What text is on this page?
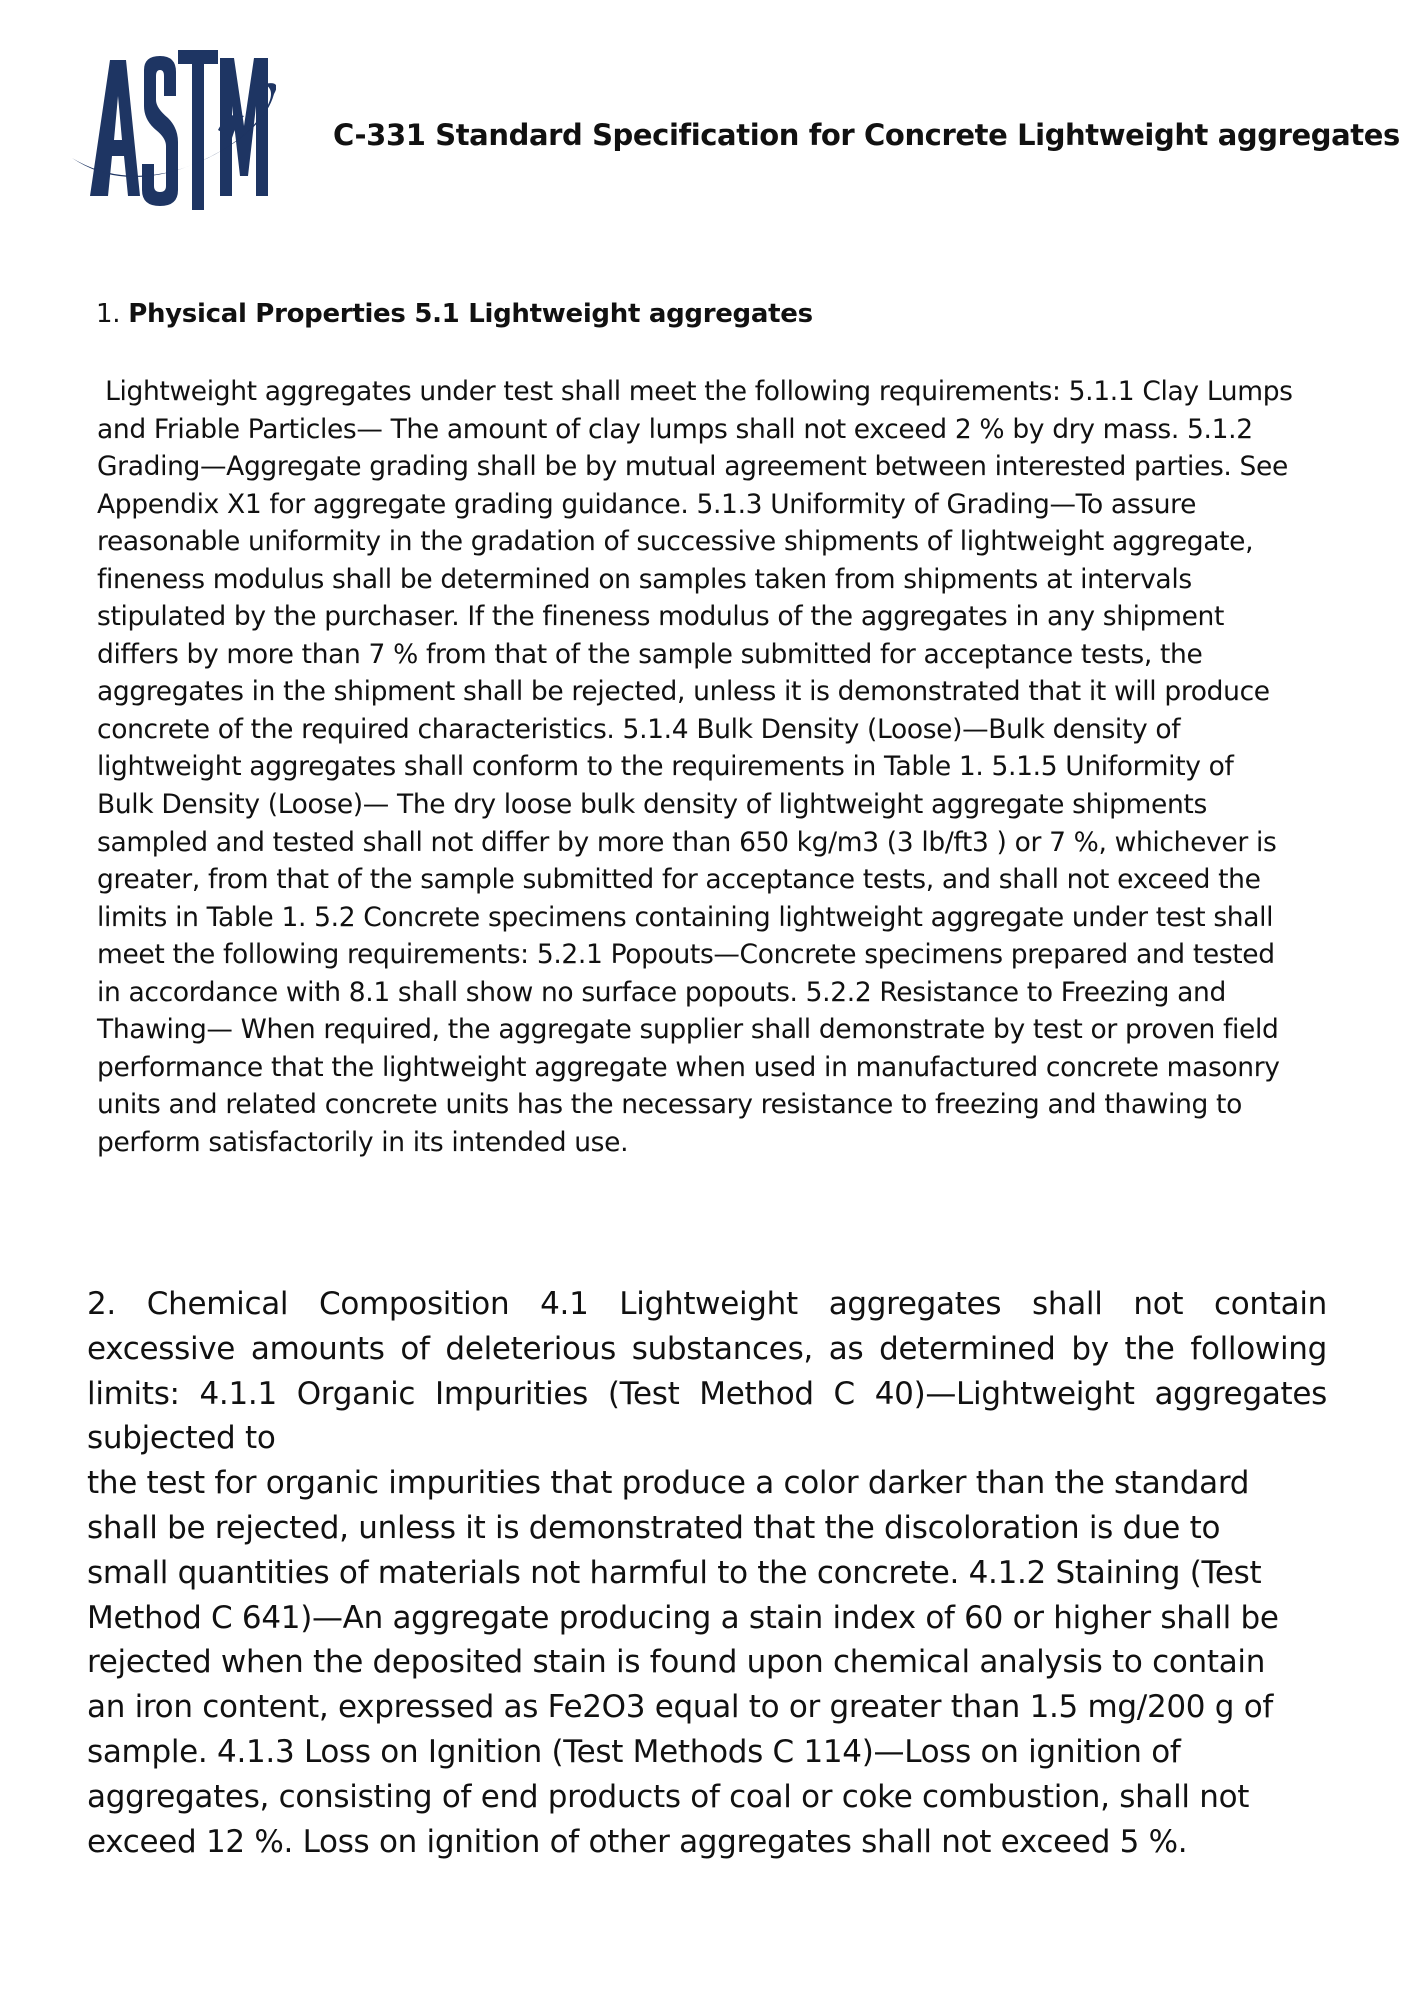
C-331 Standard Specification for Concrete Lightweight aggregates

1. Physical Properties 5.1 Lightweight aggregates

Lightweight aggregates under test shall meet the following requirements: 5.1.1 Clay Lumps
and Friable Particles— The amount of clay lumps shall not exceed 2 % by dry mass. 5.1.2
Grading—Aggregate grading shall be by mutual agreement between interested parties. See
Appendix X1 for aggregate grading guidance. 5.1.3 Uniformity of Grading—To assure
reasonable uniformity in the gradation of successive shipments of lightweight aggregate,
fineness modulus shall be determined on samples taken from shipments at intervals
stipulated by the purchaser. If the fineness modulus of the aggregates in any shipment
differs by more than 7 % from that of the sample submitted for acceptance tests, the
aggregates in the shipment shall be rejected, unless it is demonstrated that it will produce
concrete of the required characteristics. 5.1.4 Bulk Density (Loose)—Bulk density of
lightweight aggregates shall conform to the requirements in Table 1. 5.1.5 Uniformity of
Bulk Density (Loose)— The dry loose bulk density of lightweight aggregate shipments
sampled and tested shall not differ by more than 650 kg/m3 (3 lb/ft3 ) or 7 %, whichever is
greater, from that of the sample submitted for acceptance tests, and shall not exceed the
limits in Table 1. 5.2 Concrete specimens containing lightweight aggregate under test shall
meet the following requirements: 5.2.1 Popouts—Concrete specimens prepared and tested
in accordance with 8.1 shall show no surface popouts. 5.2.2 Resistance to Freezing and
Thawing— When required, the aggregate supplier shall demonstrate by test or proven field
performance that the lightweight aggregate when used in manufactured concrete masonry
units and related concrete units has the necessary resistance to freezing and thawing to
perform satisfactorily in its intended use.
2. Chemical Composition 4.1 Lightweight aggregates shall not contain
excessive amounts of deleterious substances, as determined by the following
limits: 4.1.1 Organic Impurities (Test Method C 40)—Lightweight aggregates
subjected to
the test for organic impurities that produce a color darker than the standard
shall be rejected, unless it is demonstrated that the discoloration is due to
small quantities of materials not harmful to the concrete. 4.1.2 Staining (Test
Method C 641)—An aggregate producing a stain index of 60 or higher shall be
rejected when the deposited stain is found upon chemical analysis to contain
an iron content, expressed as Fe2O3 equal to or greater than 1.5 mg/200 g of
sample. 4.1.3 Loss on Ignition (Test Methods C 114)—Loss on ignition of
aggregates, consisting of end products of coal or coke combustion, shall not
exceed 12 %. Loss on ignition of other aggregates shall not exceed 5 %.
